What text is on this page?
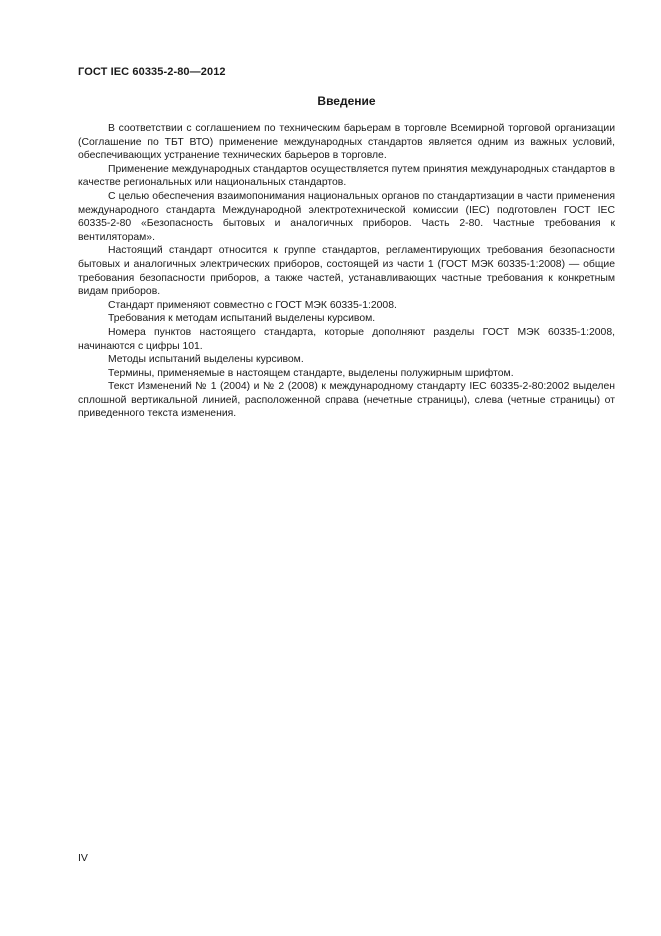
ГОСТ IEC 60335-2-80—2012
Введение

В соответствии с соглашением по техническим барьерам в торговле Всемирной торговой организации (Соглашение по ТБТ ВТО) применение международных стандартов является одним из важных условий, обеспечивающих устранение технических барьеров в торговле.

Применение международных стандартов осуществляется путем принятия международных стандартов в качестве региональных или национальных стандартов.

С целью обеспечения взаимопонимания национальных органов по стандартизации в части применения международного стандарта Международной электротехнической комиссии (IEC) подготовлен ГОСТ IEC 60335-2-80 «Безопасность бытовых и аналогичных приборов. Часть 2-80. Частные требования к вентиляторам».

Настоящий стандарт относится к группе стандартов, регламентирующих требования безопасности бытовых и аналогичных электрических приборов, состоящей из части 1 (ГОСТ МЭК 60335-1:2008) — общие требования безопасности приборов, а также частей, устанавливающих частные требования к конкретным видам приборов.

Стандарт применяют совместно с ГОСТ МЭК 60335-1:2008.

Требования к методам испытаний выделены курсивом.

Номера пунктов настоящего стандарта, которые дополняют разделы ГОСТ МЭК 60335-1:2008, начинаются с цифры 101.

Методы испытаний выделены курсивом.

Термины, применяемые в настоящем стандарте, выделены полужирным шрифтом.

Текст Изменений № 1 (2004) и № 2 (2008) к международному стандарту IEC 60335-2-80:2002 выделен сплошной вертикальной линией, расположенной справа (нечетные страницы), слева (четные страницы) от приведенного текста изменения.

IV
